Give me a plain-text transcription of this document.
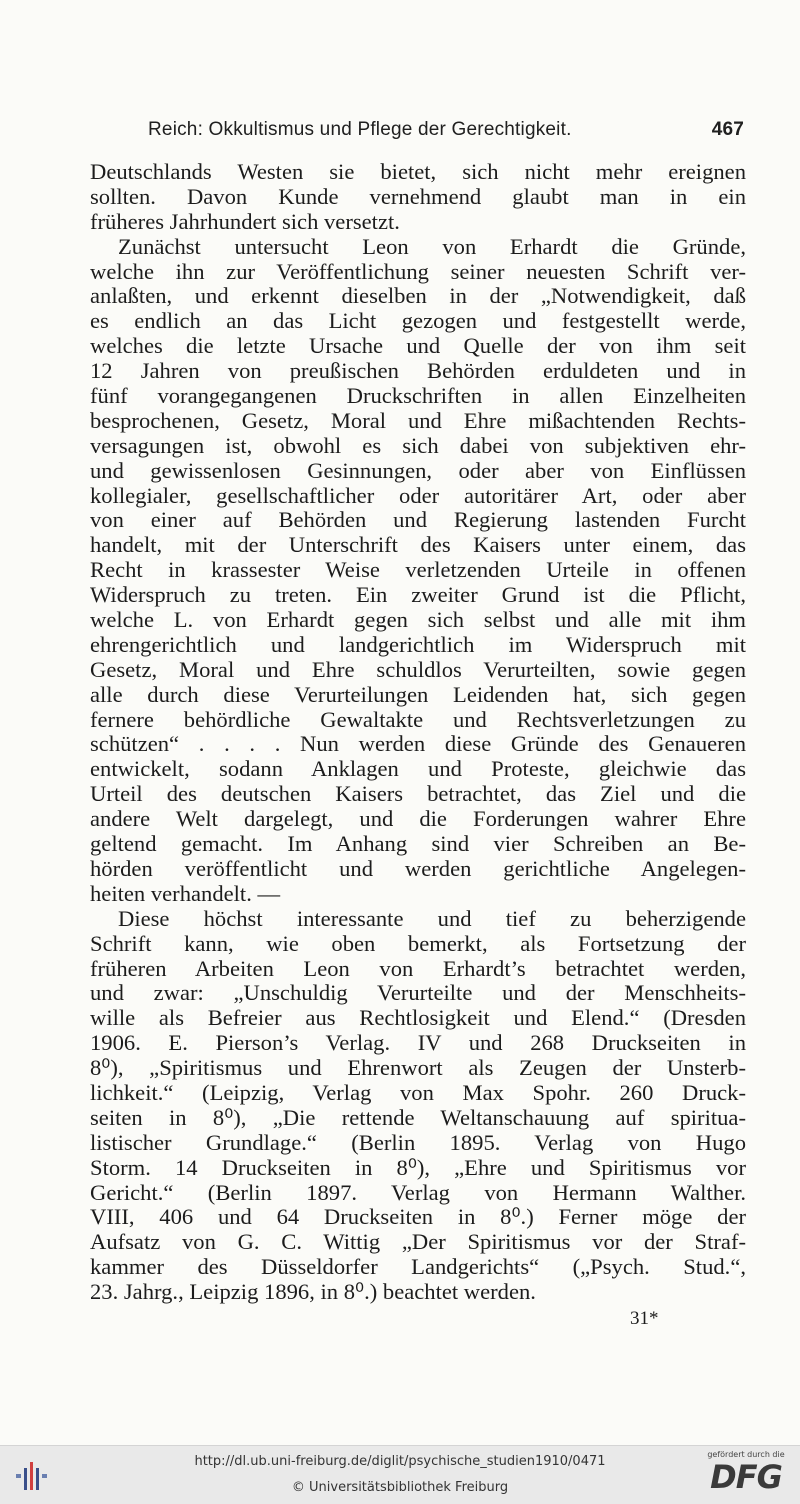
Reich: Okkultismus und Pflege der Gerechtigkeit.	467
Deutschlands Westen sie bietet, sich nicht mehr ereignen
sollten. Davon Kunde vernehmend glaubt man in ein
früheres Jahrhundert sich versetzt.
Zunächst untersucht Leon von Erhardt die Gründe,
welche ihn zur Veröffentlichung seiner neuesten Schrift ver-
anlaßten, und erkennt dieselben in der „Notwendigkeit, daß
es endlich an das Licht gezogen und festgestellt werde,
welches die letzte Ursache und Quelle der von ihm seit
12 Jahren von preußischen Behörden erduldeten und in
fünf vorangegangenen Druckschriften in allen Einzelheiten
besprochenen, Gesetz, Moral und Ehre mißachtenden Rechts-
versagungen ist, obwohl es sich dabei von subjektiven ehr-
und gewissenlosen Gesinnungen, oder aber von Einflüssen
kollegialer, gesellschaftlicher oder autoritärer Art, oder aber
von einer auf Behörden und Regierung lastenden Furcht
handelt, mit der Unterschrift des Kaisers unter einem, das
Recht in krassester Weise verletzenden Urteile in offenen
Widerspruch zu treten. Ein zweiter Grund ist die Pflicht,
welche L. von Erhardt gegen sich selbst und alle mit ihm
ehrengerichtlich und landgerichtlich im Widerspruch mit
Gesetz, Moral und Ehre schuldlos Verurteilten, sowie gegen
alle durch diese Verurteilungen Leidenden hat, sich gegen
fernere behördliche Gewaltakte und Rechtsverletzungen zu
schützen“ . . . . Nun werden diese Gründe des Genaueren
entwickelt, sodann Anklagen und Proteste, gleichwie das
Urteil des deutschen Kaisers betrachtet, das Ziel und die
andere Welt dargelegt, und die Forderungen wahrer Ehre
geltend gemacht. Im Anhang sind vier Schreiben an Be-
hörden veröffentlicht und werden gerichtliche Angelegen-
heiten verhandelt. —
Diese höchst interessante und tief zu beherzigende
Schrift kann, wie oben bemerkt, als Fortsetzung der
früheren Arbeiten Leon von Erhardt’s betrachtet werden,
und zwar: „Unschuldig Verurteilte und der Menschheits-
wille als Befreier aus Rechtlosigkeit und Elend.“ (Dresden
1906. E. Pierson’s Verlag. IV und 268 Druckseiten in
8⁰), „Spiritismus und Ehrenwort als Zeugen der Unsterb-
lichkeit.“ (Leipzig, Verlag von Max Spohr. 260 Druck-
seiten in 8⁰), „Die rettende Weltanschauung auf spiritua-
listischer Grundlage.“ (Berlin 1895. Verlag von Hugo
Storm. 14 Druckseiten in 8⁰), „Ehre und Spiritismus vor
Gericht.“ (Berlin 1897. Verlag von Hermann Walther.
VIII, 406 und 64 Druckseiten in 8⁰.) Ferner möge der
Aufsatz von G. C. Wittig „Der Spiritismus vor der Straf-
kammer des Düsseldorfer Landgerichts“ („Psych. Stud.“,
23. Jahrg., Leipzig 1896, in 8⁰.) beachtet werden.
31*
http://dl.ub.uni-freiburg.de/diglit/psychische_studien1910/0471
© Universitätsbibliothek Freiburg
gefördert durch die
DFG
